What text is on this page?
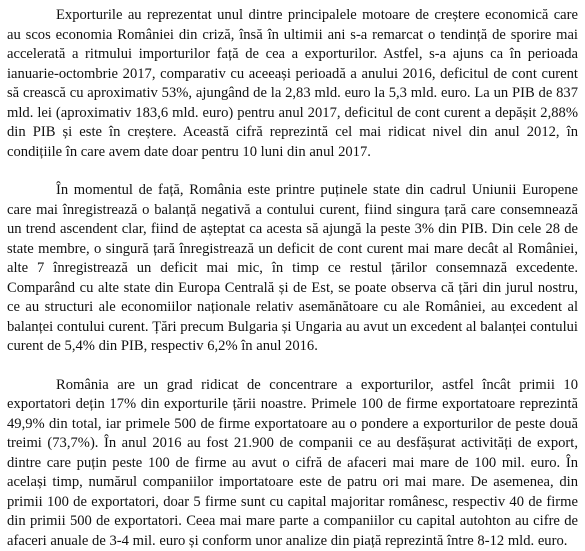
Exporturile au reprezentat unul dintre principalele motoare de creștere economică care au scos economia României din criză, însă în ultimii ani s-a remarcat o tendință de sporire mai accelerată a ritmului importurilor față de cea a exporturilor. Astfel, s-a ajuns ca în perioada ianuarie-octombrie 2017, comparativ cu aceeași perioadă a anului 2016, deficitul de cont curent să crească cu aproximativ 53%, ajungând de la 2,83 mld. euro la 5,3 mld. euro. La un PIB de 837 mld. lei (aproximativ 183,6 mld. euro) pentru anul 2017, deficitul de cont curent a depășit 2,88% din PIB și este în creștere. Această cifră reprezintă cel mai ridicat nivel din anul 2012, în condițiile în care avem date doar pentru 10 luni din anul 2017.

În momentul de față, România este printre puținele state din cadrul Uniunii Europene care mai înregistrează o balanță negativă a contului curent, fiind singura țară care consemnează un trend ascendent clar, fiind de așteptat ca acesta să ajungă la peste 3% din PIB. Din cele 28 de state membre, o singură țară înregistrează un deficit de cont curent mai mare decât al României, alte 7 înregistrează un deficit mai mic, în timp ce restul țărilor consemnază excedente. Comparând cu alte state din Europa Centrală și de Est, se poate observa că țări din jurul nostru, ce au structuri ale economiilor naționale relativ asemănătoare cu ale României, au excedent al balanței contului curent. Țări precum Bulgaria și Ungaria au avut un excedent al balanței contului curent de 5,4% din PIB, respectiv 6,2% în anul 2016.

România are un grad ridicat de concentrare a exporturilor, astfel încât primii 10 exportatori dețin 17% din exporturile țării noastre. Primele 100 de firme exportatoare reprezintă 49,9% din total, iar primele 500 de firme exportatoare au o pondere a exporturilor de peste două treimi (73,7%). În anul 2016 au fost 21.900 de companii ce au desfășurat activități de export, dintre care puțin peste 100 de firme au avut o cifră de afaceri mai mare de 100 mil. euro. În același timp, numărul companiilor importatoare este de patru ori mai mare. De asemenea, din primii 100 de exportatori, doar 5 firme sunt cu capital majoritar românesc, respectiv 40 de firme din primii 500 de exportatori. Ceea mai mare parte a companiilor cu capital autohton au cifre de afaceri anuale de 3-4 mil. euro și conform unor analize din piață reprezintă între 8-12 mld. euro.
